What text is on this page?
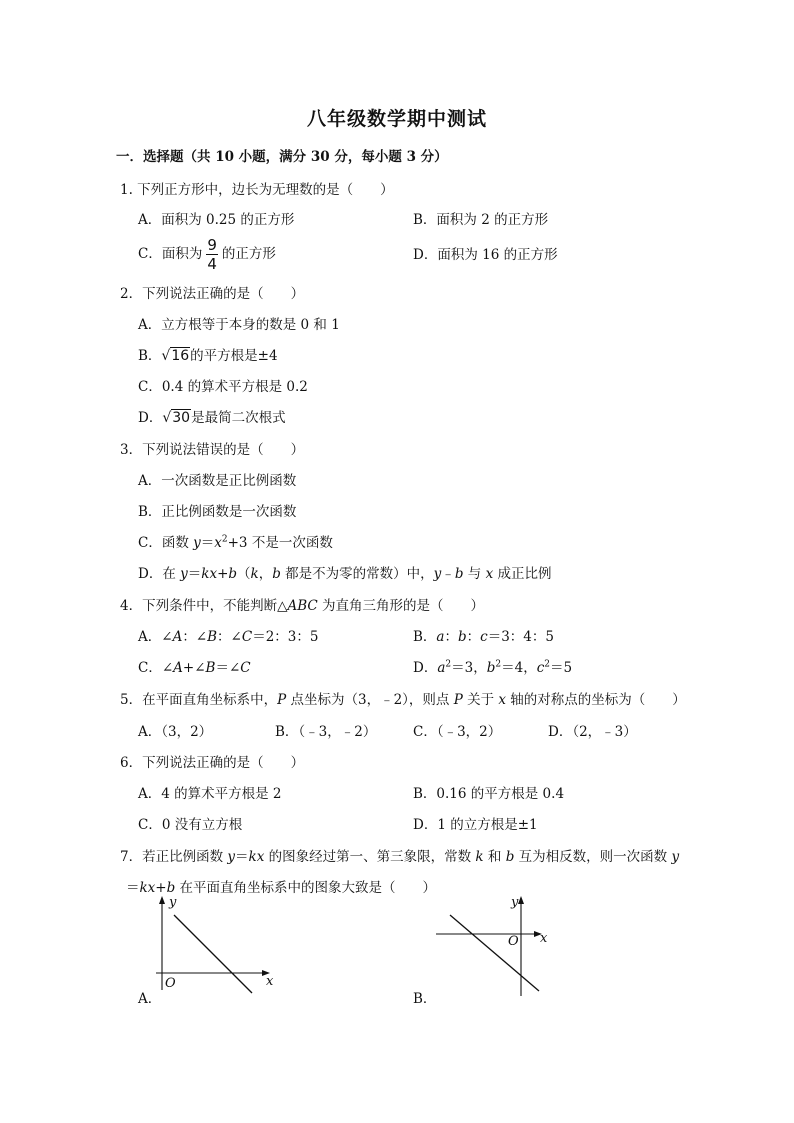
八年级数学期中测试
一．选择题（共 10 小题，满分 30 分，每小题 3 分）
1. 下列正方形中，边长为无理数的是（　　）
A．面积为 0.25 的正方形	B．面积为 2 的正方形
C．面积为 $\frac{9}{4}$ 的正方形	D．面积为 16 的正方形
2．下列说法正确的是（　　）
A．立方根等于本身的数是 0 和 1
B．√16的平方根是±4
C．0.4 的算术平方根是 0.2
D．√30是最简二次根式
3．下列说法错误的是（　　）
A．一次函数是正比例函数
B．正比例函数是一次函数
C．函数 $y=x^2+3$ 不是一次函数
D．在 y＝kx+b（k，b 都是不为零的常数）中，y﹣b 与 x 成正比例
4．下列条件中，不能判断△ABC 为直角三角形的是（　　）
A．∠A：∠B：∠C＝2：3：5	B．a：b：c＝3：4：5
C．∠A+∠B＝∠C	D．$a^2=3$，$b^2=4$，$c^2=5$
5．在平面直角坐标系中，P 点坐标为（3，﹣2），则点 P 关于 x 轴的对称点的坐标为（　　）
A．（3，2）	B．（﹣3，﹣2）	C．（﹣3，2）	D．（2，﹣3）
6．下列说法正确的是（　　）
A．4 的算术平方根是 2	B．0.16 的平方根是 0.4
C．0 没有立方根	D．1 的立方根是±1
7．若正比例函数 y＝kx 的图象经过第一、第三象限，常数 k 和 b 互为相反数，则一次函数 y
＝kx+b 在平面直角坐标系中的图象大致是（　　）
A．
y
x
O
B．
y
x
O
